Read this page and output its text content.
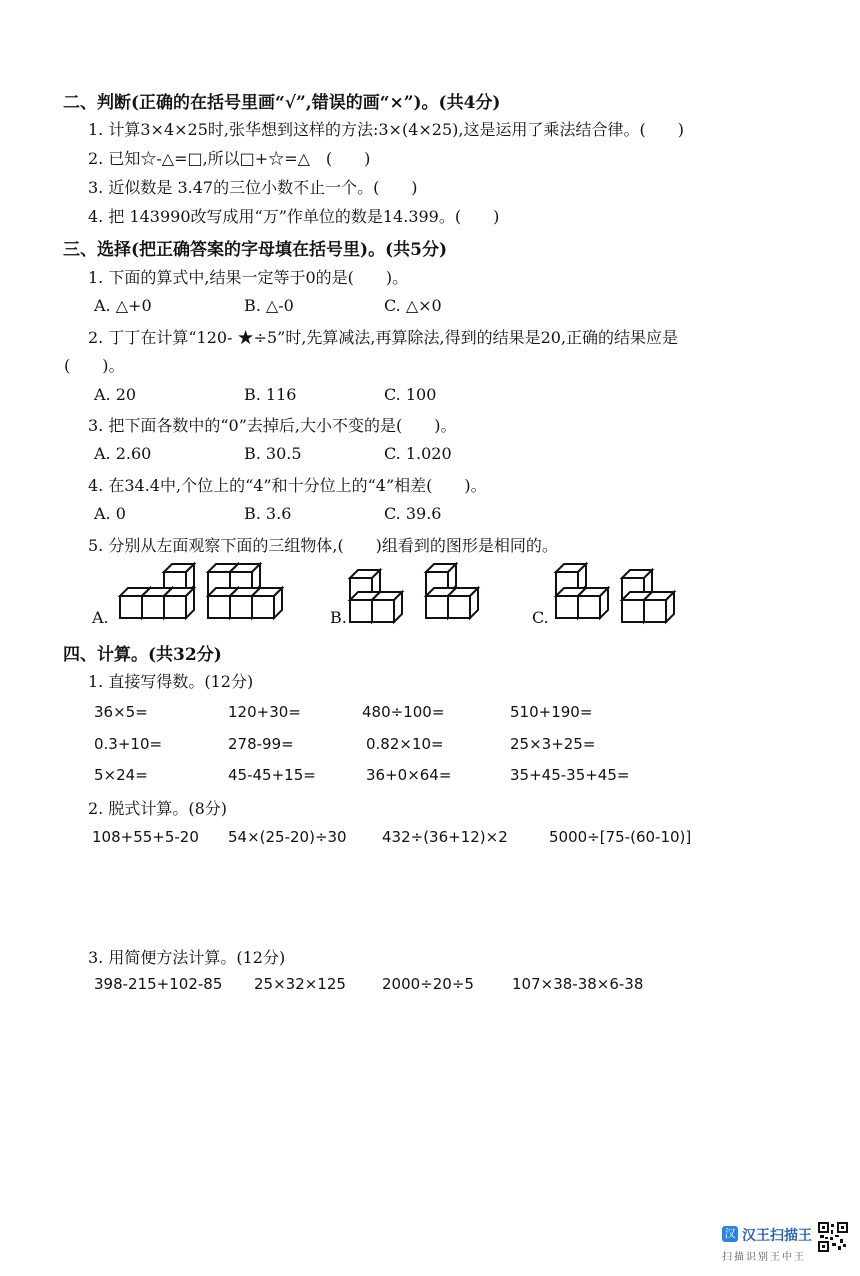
二、判断(正确的在括号里画“√”,错误的画“×”)。(共4分)
1. 计算3×4×25时,张华想到这样的方法:3×(4×25),这是运用了乘法结合律。(　　)
2. 已知☆-△=□,所以□+☆=△　(　　)
3. 近似数是 3.47的三位小数不止一个。(　　)
4. 把 143990改写成用“万”作单位的数是14.399。(　　)
三、选择(把正确答案的字母填在括号里)。(共5分)
1. 下面的算式中,结果一定等于0的是(　　)。
A. △+0	B. △-0	C. △×0
2. 丁丁在计算“120- ★÷5”时,先算减法,再算除法,得到的结果是20,正确的结果应是
(　　)。
A. 20	B. 116	C. 100
3. 把下面各数中的“0”去掉后,大小不变的是(　　)。
A. 2.60	B. 30.5	C. 1.020
4. 在34.4中,个位上的“4”和十分位上的“4”相差(　　)。
A. 0	B. 3.6	C. 39.6
5. 分别从左面观察下面的三组物体,(　　)组看到的图形是相同的。
A.	B.	C.
四、计算。(共32分)
1. 直接写得数。(12分)
36×5=	120+30=	480÷100=	510+190=
0.3+10=	278-99=	0.82×10=	25×3+25=
5×24=	45-45+15=	36+0×64=	35+45-35+45=
2. 脱式计算。(8分)
108+55+5-20 54×(25-20)÷30 432÷(36+12)×2	5000÷[75-(60-10)]
3. 用简便方法计算。(12分)
398-215+102-85 25×32×125 2000÷20÷5	107×38-38×6-38
汉 汉王扫描王
扫描识别王中王
